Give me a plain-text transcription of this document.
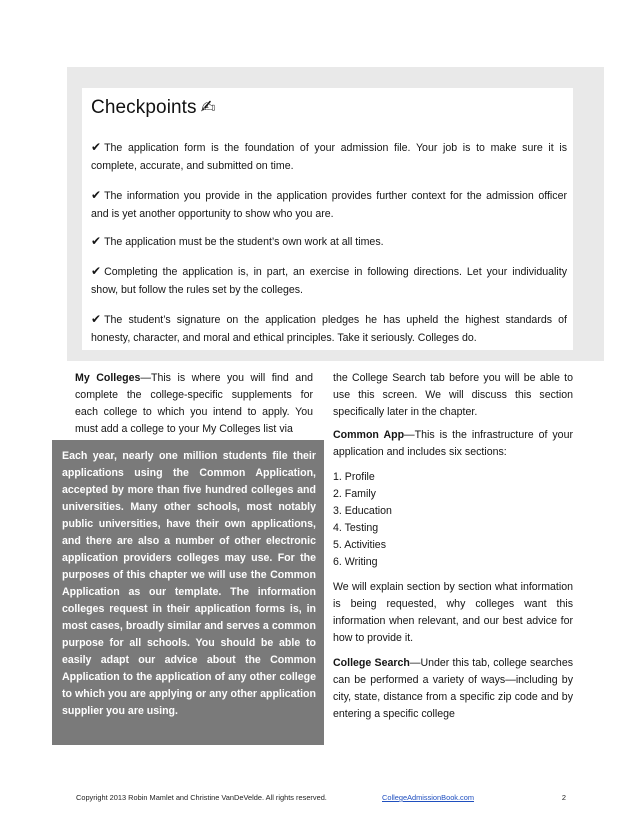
Checkpoints ✍
✔ The application form is the foundation of your admission file. Your job is to make sure it is complete, accurate, and submitted on time.
✔ The information you provide in the application provides further context for the admission officer and is yet another opportunity to show who you are.
✔ The application must be the student’s own work at all times.
✔ Completing the application is, in part, an exercise in following directions. Let your individuality show, but follow the rules set by the colleges.
✔ The student’s signature on the application pledges he has upheld the highest standards of honesty, character, and moral and ethical principles. Take it seriously. Colleges do.
My Colleges—This is where you will find and complete the college-specific supplements for each college to which you intend to apply. You must add a college to your My Colleges list via

Each year, nearly one million students file their applications using the Common Application, accepted by more than five hundred colleges and universities. Many other schools, most notably public universities, have their own applications, and there are also a number of other electronic application providers colleges may use. For the purposes of this chapter we will use the Common Application as our template. The information colleges request in their application forms is, in most cases, broadly similar and serves a common purpose for all schools. You should be able to easily adapt our advice about the Common Application to the application of any other college to which you are applying or any other application supplier you are using.

the College Search tab before you will be able to use this screen. We will discuss this section specifically later in the chapter.

Common App—This is the infrastructure of your application and includes six sections:

1. Profile
2. Family
3. Education
4. Testing
5. Activities
6. Writing

We will explain section by section what information is being requested, why colleges want this information when relevant, and our best advice for how to provide it.

College Search—Under this tab, college searches can be performed a variety of ways—including by city, state, distance from a specific zip code and by entering a specific college

Copyright 2013 Robin Mamlet and Christine VanDeVelde. All rights reserved.	CollegeAdmissionBook.com	2
